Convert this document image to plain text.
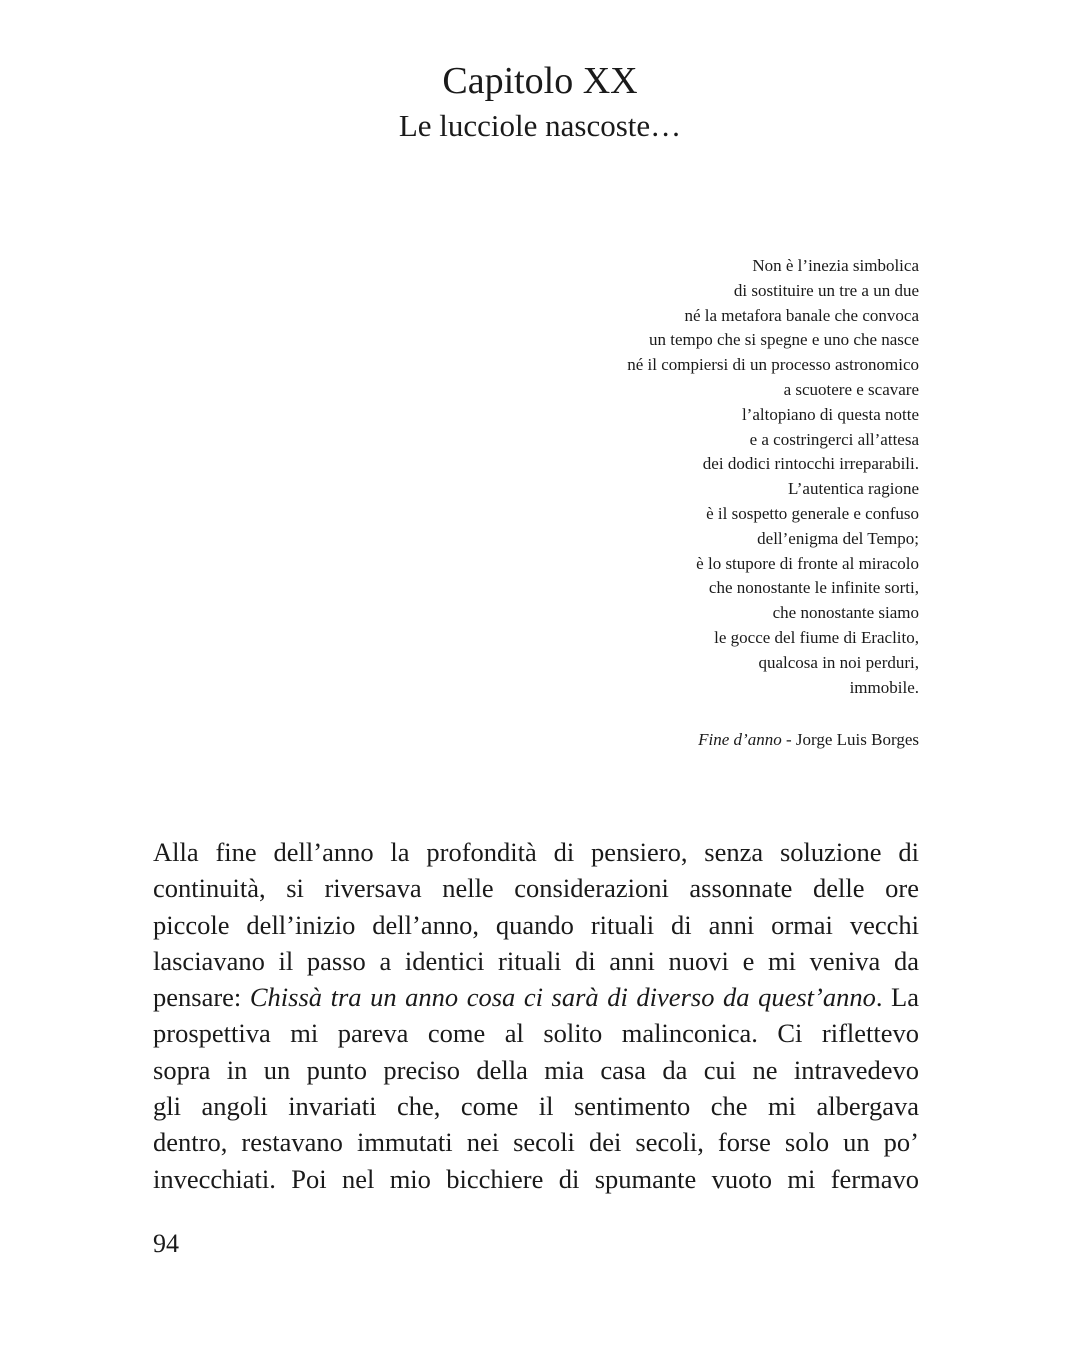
Capitolo XX
Le lucciole nascoste…
Non è l’inezia simbolica
di sostituire un tre a un due
né la metafora banale che convoca
un tempo che si spegne e uno che nasce
né il compiersi di un processo astronomico
a scuotere e scavare
l’altopiano di questa notte
e a costringerci all’attesa
dei dodici rintocchi irreparabili.
L’autentica ragione
è il sospetto generale e confuso
dell’enigma del Tempo;
è lo stupore di fronte al miracolo
che nonostante le infinite sorti,
che nonostante siamo
le gocce del fiume di Eraclito,
qualcosa in noi perduri,
immobile.
Fine d’anno - Jorge Luis Borges
Alla fine dell’anno la profondità di pensiero, senza soluzione di
continuità, si riversava nelle considerazioni assonnate delle ore
piccole dell’inizio dell’anno, quando rituali di anni ormai vecchi
lasciavano il passo a identici rituali di anni nuovi e mi veniva da
pensare: Chissà tra un anno cosa ci sarà di diverso da quest’anno. La
prospettiva mi pareva come al solito malinconica. Ci riflettevo
sopra in un punto preciso della mia casa da cui ne intravedevo
gli angoli invariati che, come il sentimento che mi albergava
dentro, restavano immutati nei secoli dei secoli, forse solo un po’
invecchiati. Poi nel mio bicchiere di spumante vuoto mi fermavo
94
